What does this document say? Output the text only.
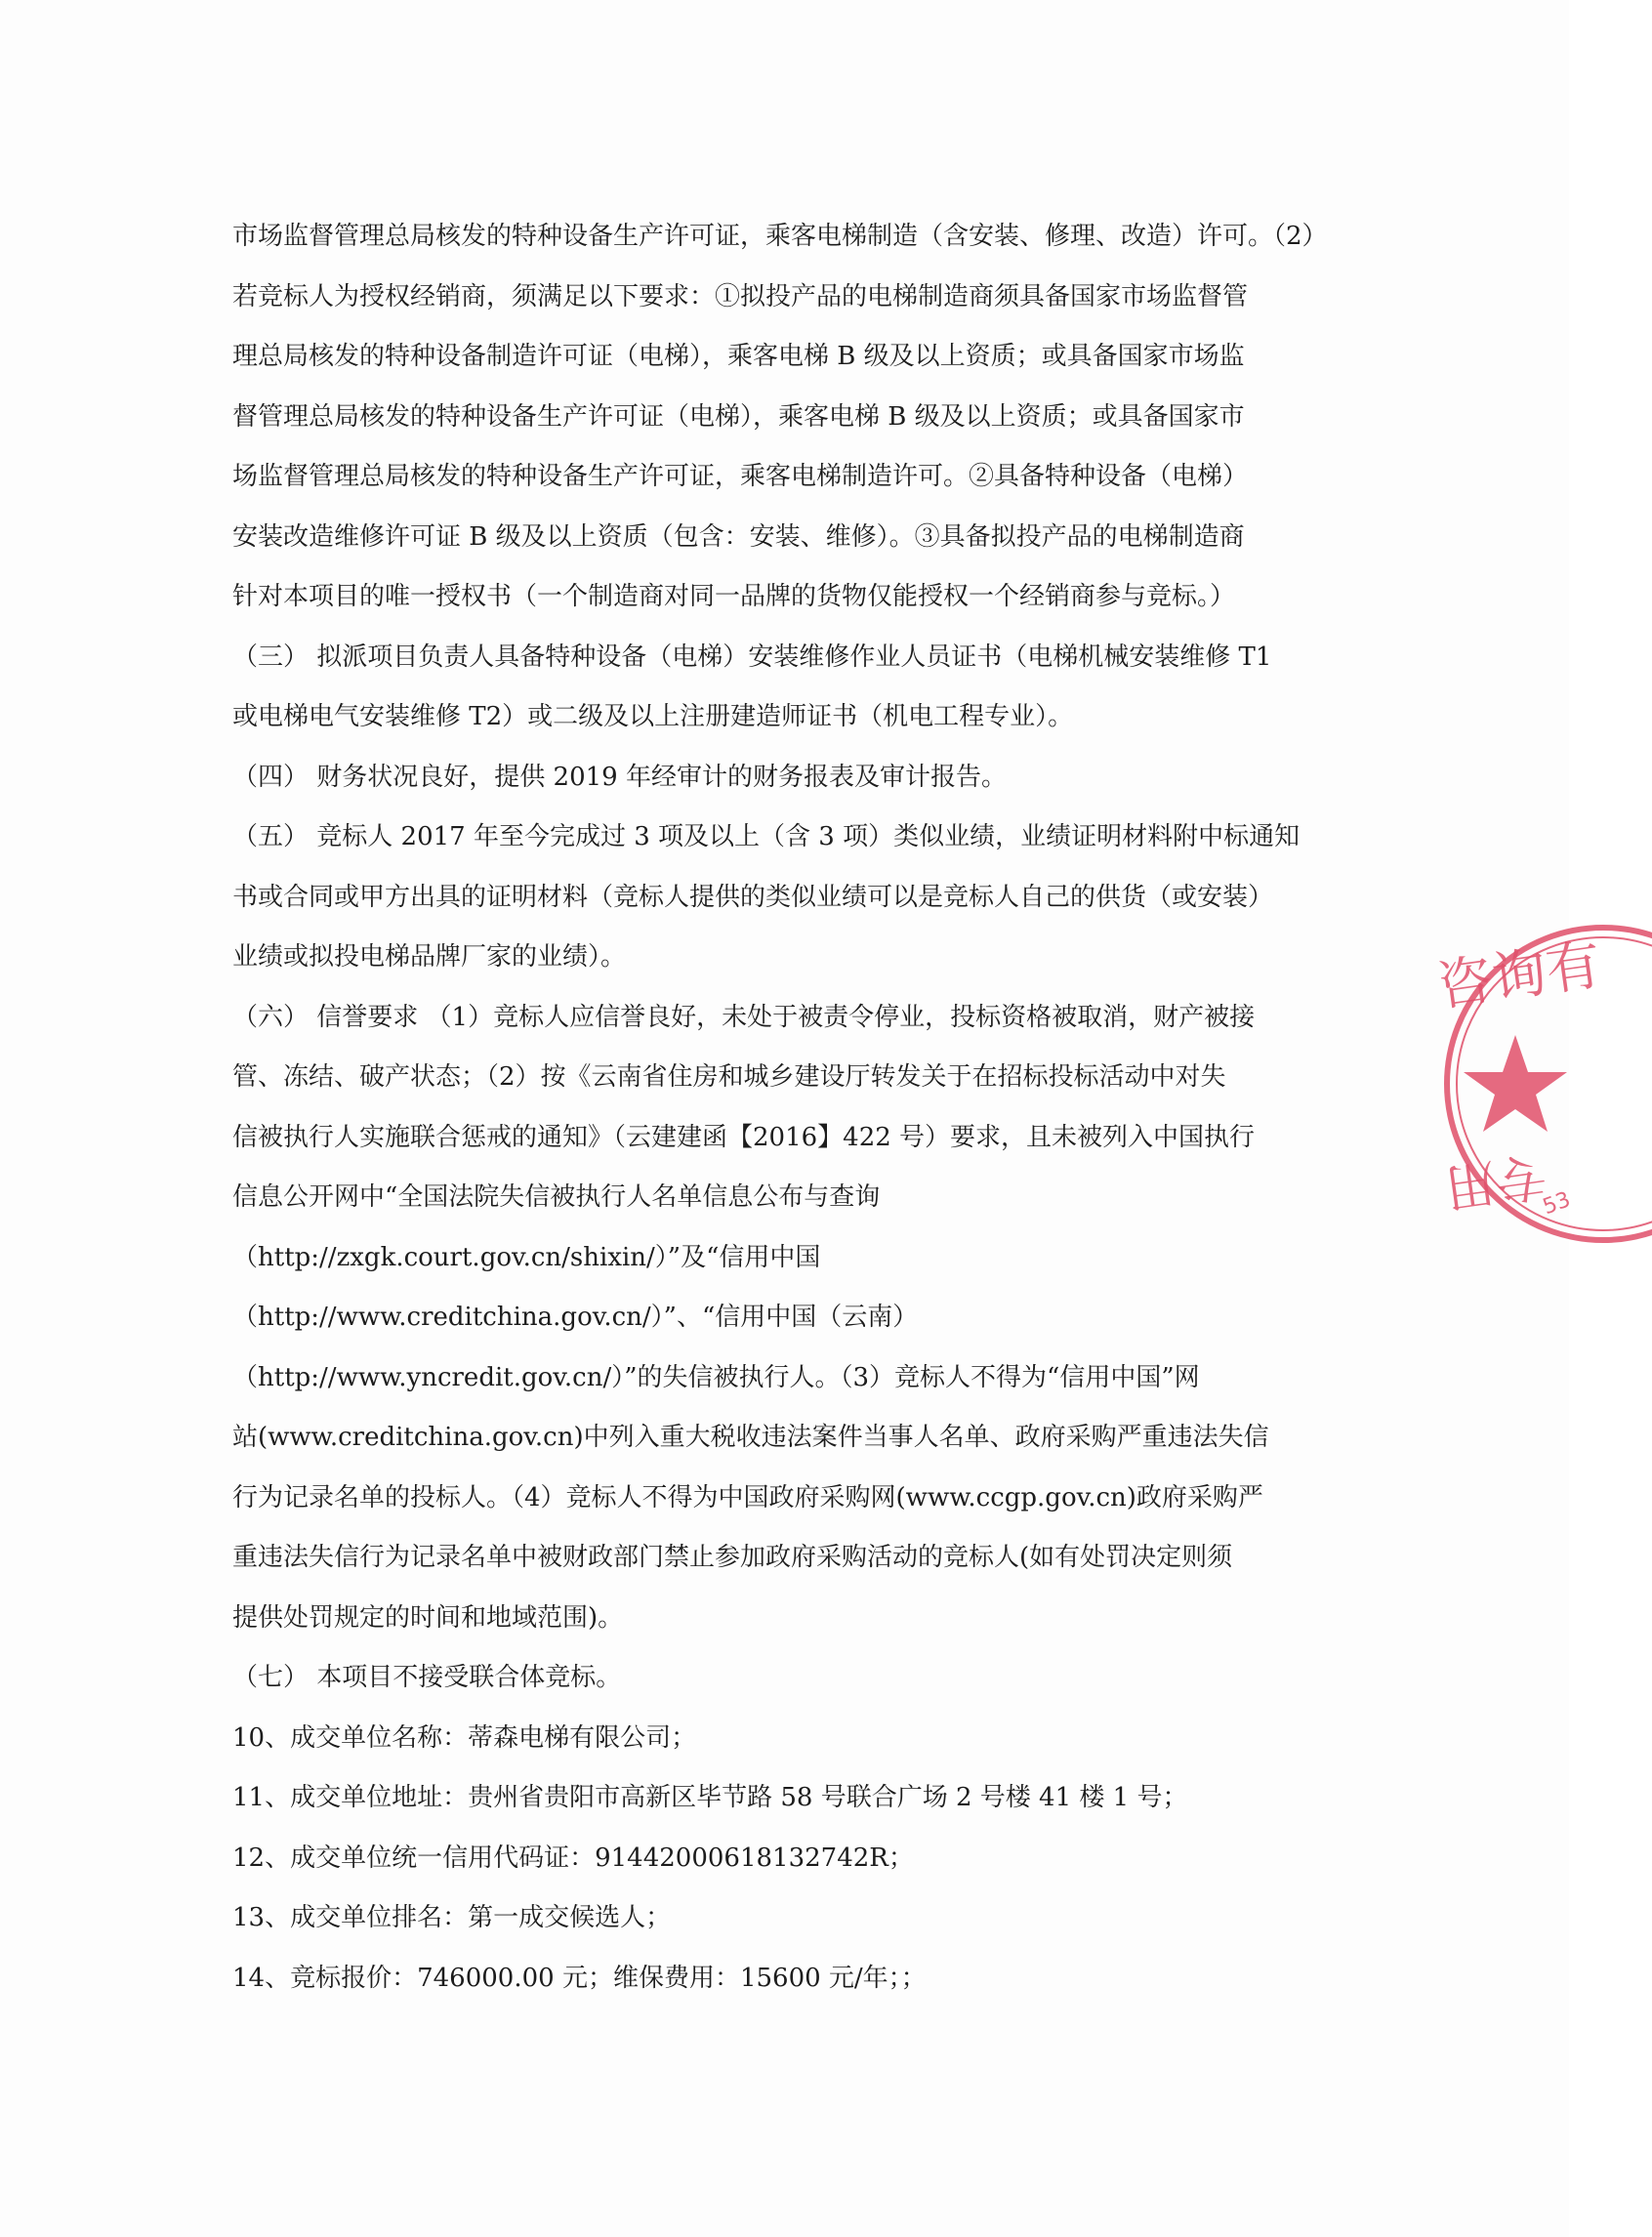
市场监督管理总局核发的特种设备生产许可证，乘客电梯制造（含安装、修理、改造）许可。（2）
若竞标人为授权经销商，须满足以下要求：①拟投产品的电梯制造商须具备国家市场监督管
理总局核发的特种设备制造许可证（电梯），乘客电梯 B 级及以上资质；或具备国家市场监
督管理总局核发的特种设备生产许可证（电梯），乘客电梯 B 级及以上资质；或具备国家市
场监督管理总局核发的特种设备生产许可证，乘客电梯制造许可。②具备特种设备（电梯）
安装改造维修许可证 B 级及以上资质（包含：安装、维修）。③具备拟投产品的电梯制造商
针对本项目的唯一授权书（一个制造商对同一品牌的货物仅能授权一个经销商参与竞标。）
（三） 拟派项目负责人具备特种设备（电梯）安装维修作业人员证书（电梯机械安装维修 T1
或电梯电气安装维修 T2）或二级及以上注册建造师证书（机电工程专业）。
（四） 财务状况良好，提供 2019 年经审计的财务报表及审计报告。
（五） 竞标人 2017 年至今完成过 3 项及以上（含 3 项）类似业绩，业绩证明材料附中标通知
书或合同或甲方出具的证明材料（竞标人提供的类似业绩可以是竞标人自己的供货（或安装）
业绩或拟投电梯品牌厂家的业绩）。
（六） 信誉要求 （1）竞标人应信誉良好，未处于被责令停业，投标资格被取消，财产被接
管、冻结、破产状态；（2）按《云南省住房和城乡建设厅转发关于在招标投标活动中对失
信被执行人实施联合惩戒的通知》（云建建函【2016】422 号）要求，且未被列入中国执行
信息公开网中“全国法院失信被执行人名单信息公布与查询
（http://zxgk.court.gov.cn/shixin/）”及“信用中国
（http://www.creditchina.gov.cn/）”、“信用中国（云南）
（http://www.yncredit.gov.cn/）”的失信被执行人。（3）竞标人不得为“信用中国”网
站(www.creditchina.gov.cn)中列入重大税收违法案件当事人名单、政府采购严重违法失信
行为记录名单的投标人。（4）竞标人不得为中国政府采购网(www.ccgp.gov.cn)政府采购严
重违法失信行为记录名单中被财政部门禁止参加政府采购活动的竞标人(如有处罚决定则须
提供处罚规定的时间和地域范围)。
（七） 本项目不接受联合体竞标。
10、成交单位名称：蒂森电梯有限公司；
11、成交单位地址：贵州省贵阳市高新区毕节路 58 号联合广场 2 号楼 41 楼 1 号；
12、成交单位统一信用代码证：91442000618132742R；
13、成交单位排名：第一成交候选人；
14、竞标报价：746000.00 元；维保费用：15600 元/年；；
咨询有
专用
53
